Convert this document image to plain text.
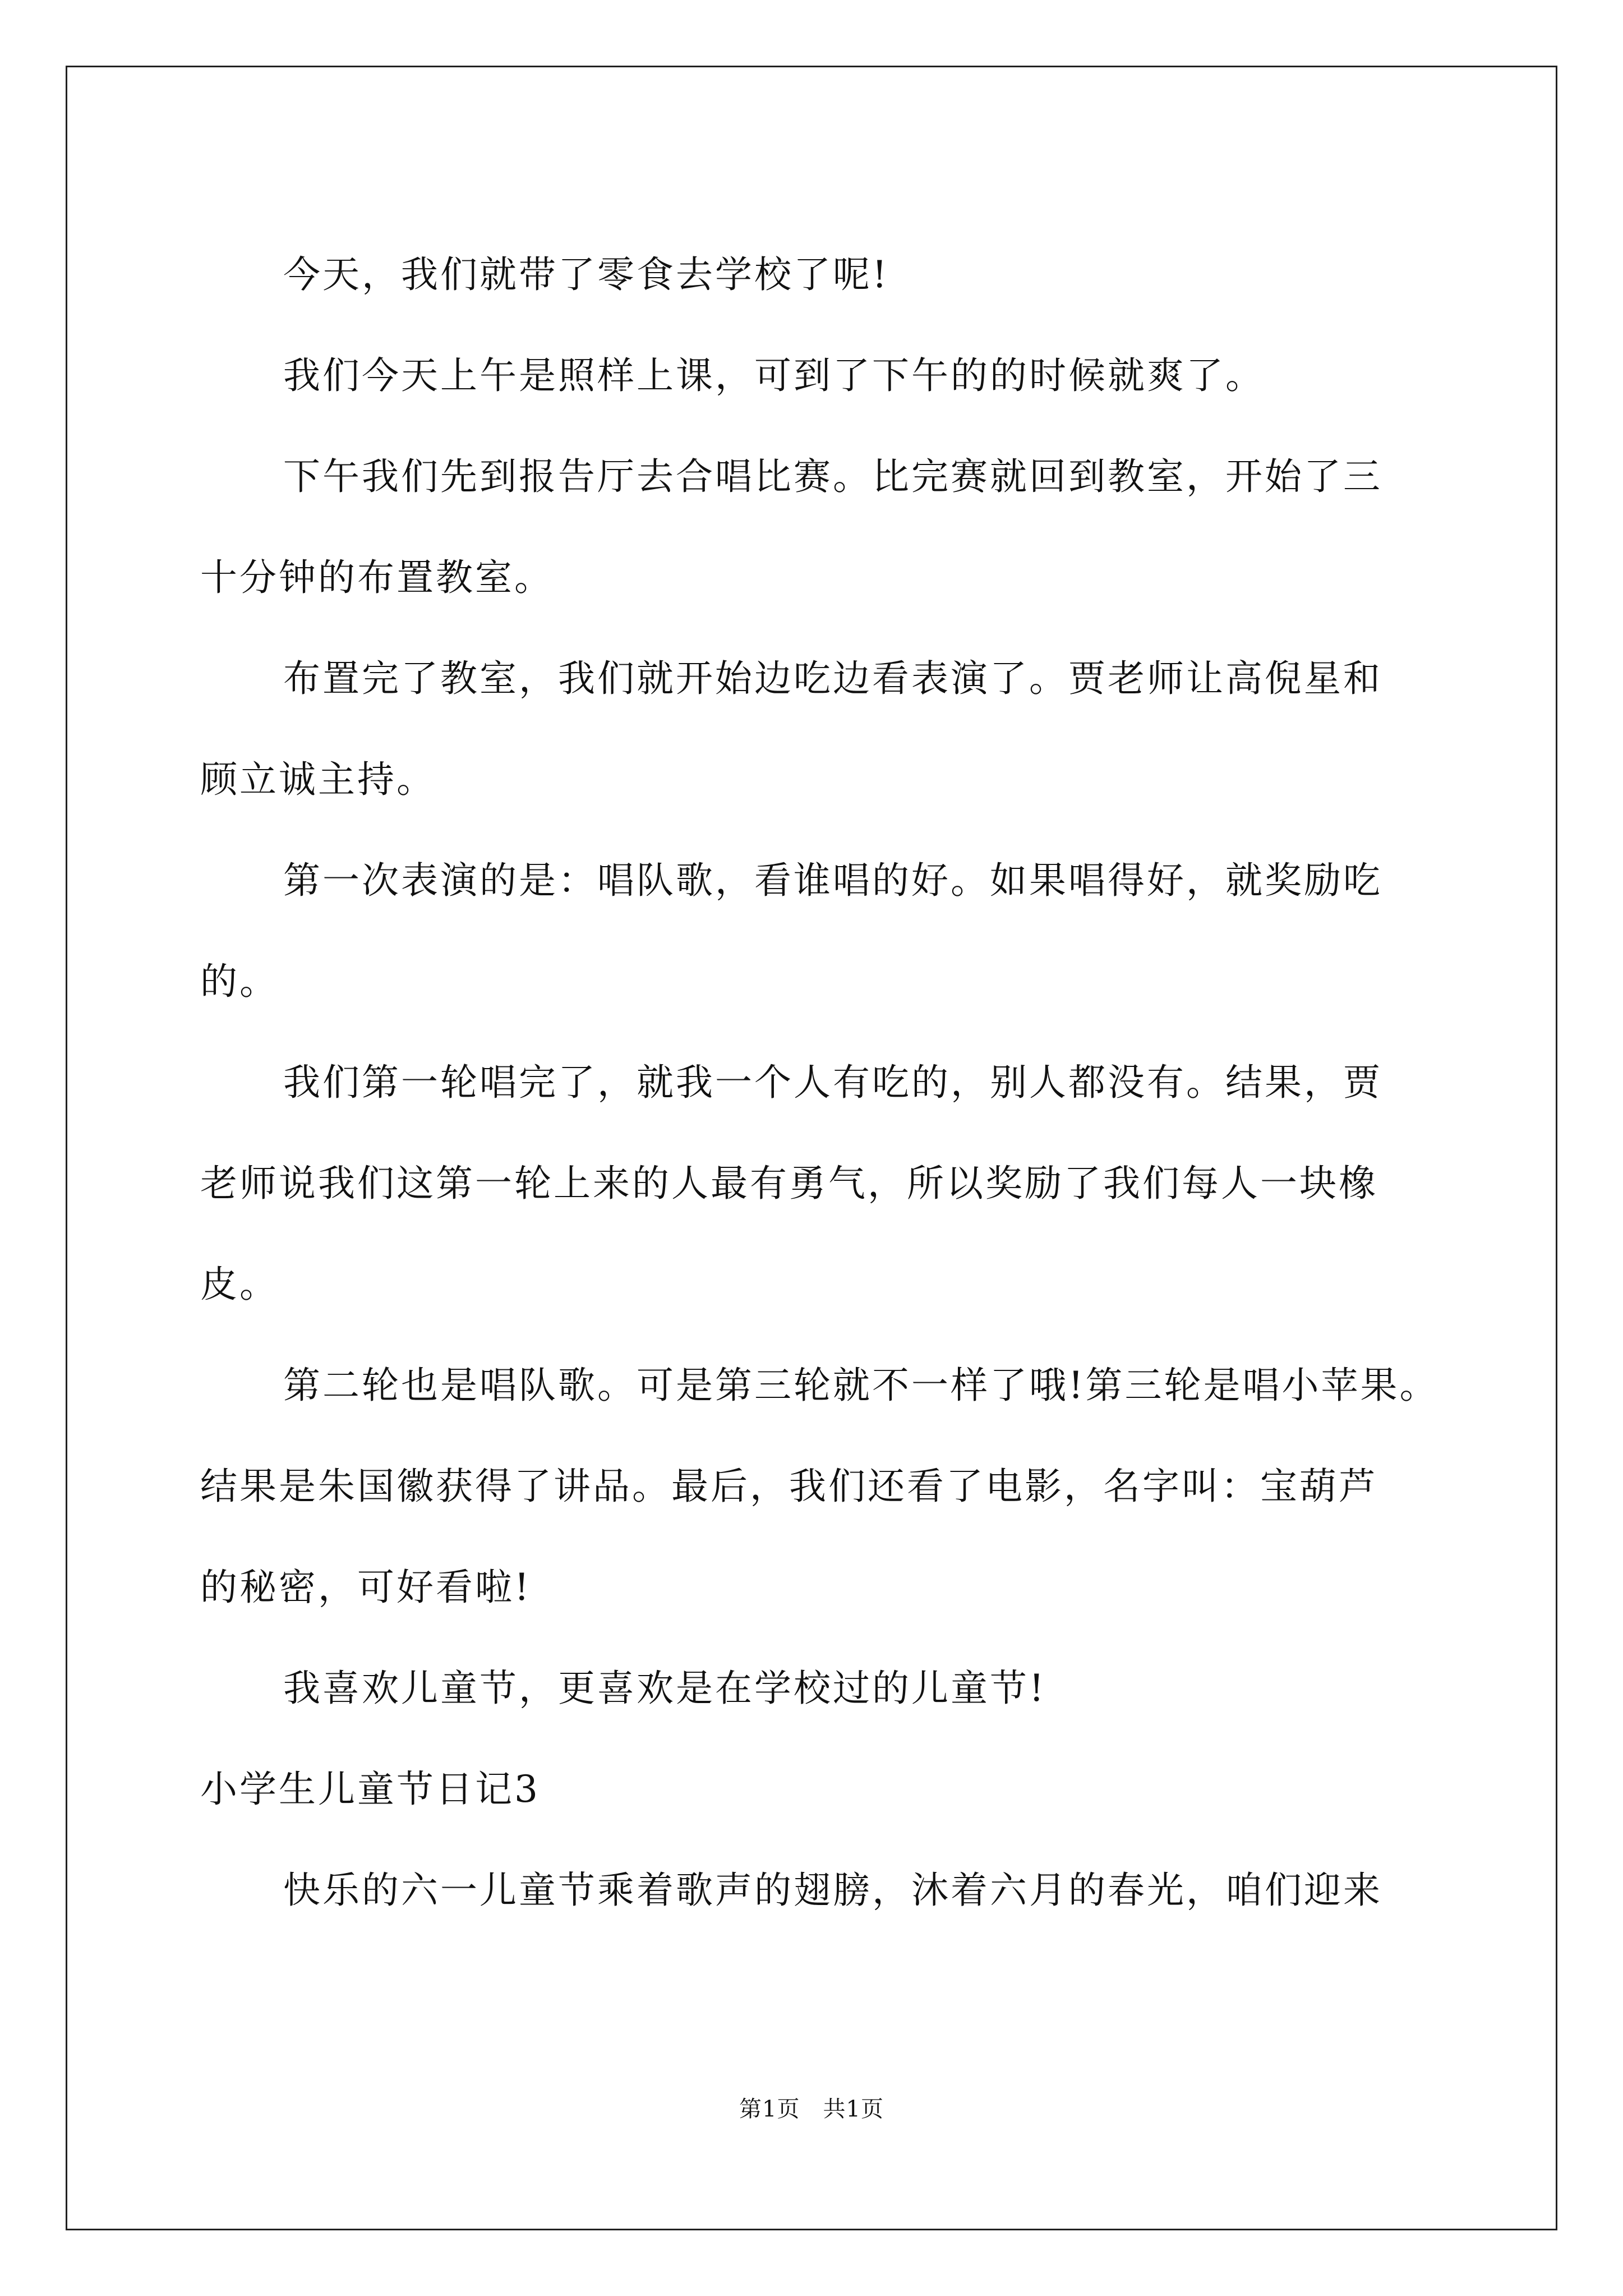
今天，我们就带了零食去学校了呢!
我们今天上午是照样上课，可到了下午的的时候就爽了。
下午我们先到报告厅去合唱比赛。比完赛就回到教室，开始了三
十分钟的布置教室。
布置完了教室，我们就开始边吃边看表演了。贾老师让高倪星和
顾立诚主持。
第一次表演的是：唱队歌，看谁唱的好。如果唱得好，就奖励吃
的。
我们第一轮唱完了，就我一个人有吃的，别人都没有。结果，贾
老师说我们这第一轮上来的人最有勇气，所以奖励了我们每人一块橡
皮。
第二轮也是唱队歌。可是第三轮就不一样了哦!第三轮是唱小苹果。
结果是朱国徽获得了讲品。最后，我们还看了电影，名字叫：宝葫芦
的秘密，可好看啦!
我喜欢儿童节，更喜欢是在学校过的儿童节!
小学生儿童节日记3
快乐的六一儿童节乘着歌声的翅膀，沐着六月的春光，咱们迎来
第1页　共1页
